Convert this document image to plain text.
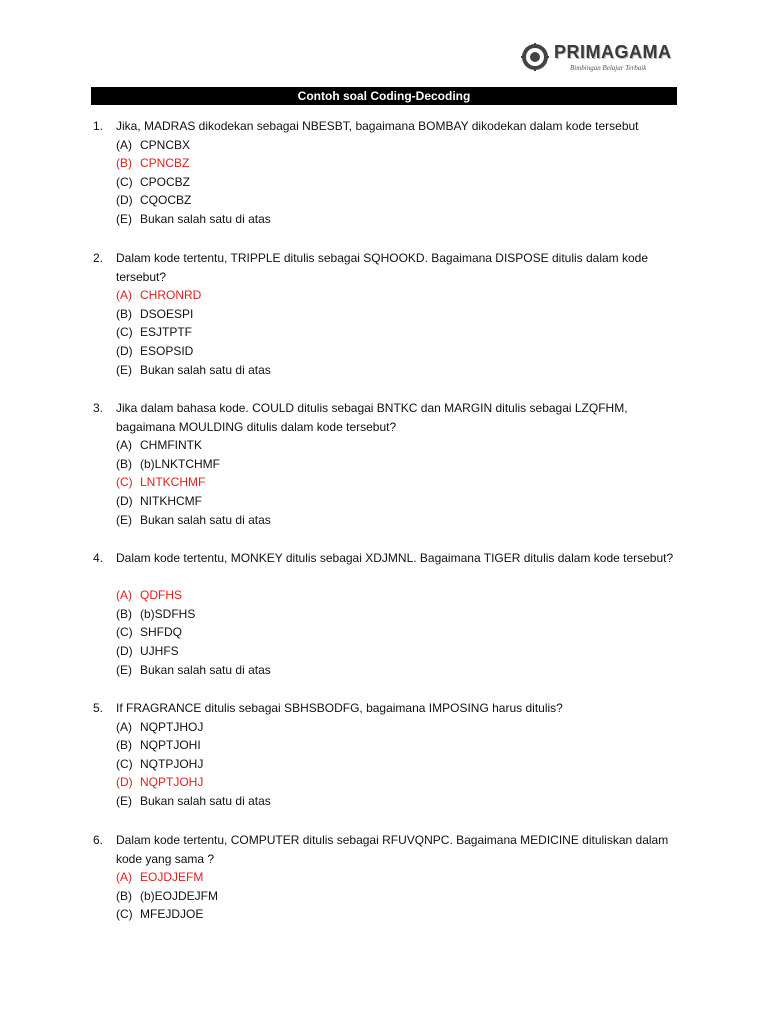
PRIMAGAMA
Bimbingan Belajar Terbaik
Contoh soal Coding-Decoding
1. Jika, MADRAS dikodekan sebagai NBESBT, bagaimana BOMBAY dikodekan dalam kode tersebut
(A) CPNCBX
(B) CPNCBZ
(C) CPOCBZ
(D) CQOCBZ
(E) Bukan salah satu di atas
2. Dalam kode tertentu, TRIPPLE ditulis sebagai SQHOOKD. Bagaimana DISPOSE ditulis dalam kode tersebut?
(A) CHRONRD
(B) DSOESPI
(C) ESJTPTF
(D) ESOPSID
(E) Bukan salah satu di atas
3. Jika dalam bahasa kode. COULD ditulis sebagai BNTKC dan MARGIN ditulis sebagai LZQFHM, bagaimana MOULDING ditulis dalam kode tersebut?
(A) CHMFINTK
(B) (b)LNKTCHMF
(C) LNTKCHMF
(D) NITKHCMF
(E) Bukan salah satu di atas
4. Dalam kode tertentu, MONKEY ditulis sebagai XDJMNL. Bagaimana TIGER ditulis dalam kode tersebut?
(A) QDFHS
(B) (b)SDFHS
(C) SHFDQ
(D) UJHFS
(E) Bukan salah satu di atas
5. If FRAGRANCE ditulis sebagai SBHSBODFG, bagaimana IMPOSING harus ditulis?
(A) NQPTJHOJ
(B) NQPTJOHI
(C) NQTPJOHJ
(D) NQPTJOHJ
(E) Bukan salah satu di atas
6. Dalam kode tertentu, COMPUTER ditulis sebagai RFUVQNPC. Bagaimana MEDICINE dituliskan dalam kode yang sama ?
(A) EOJDJEFM
(B) (b)EOJDEJFM
(C) MFEJDJOE
